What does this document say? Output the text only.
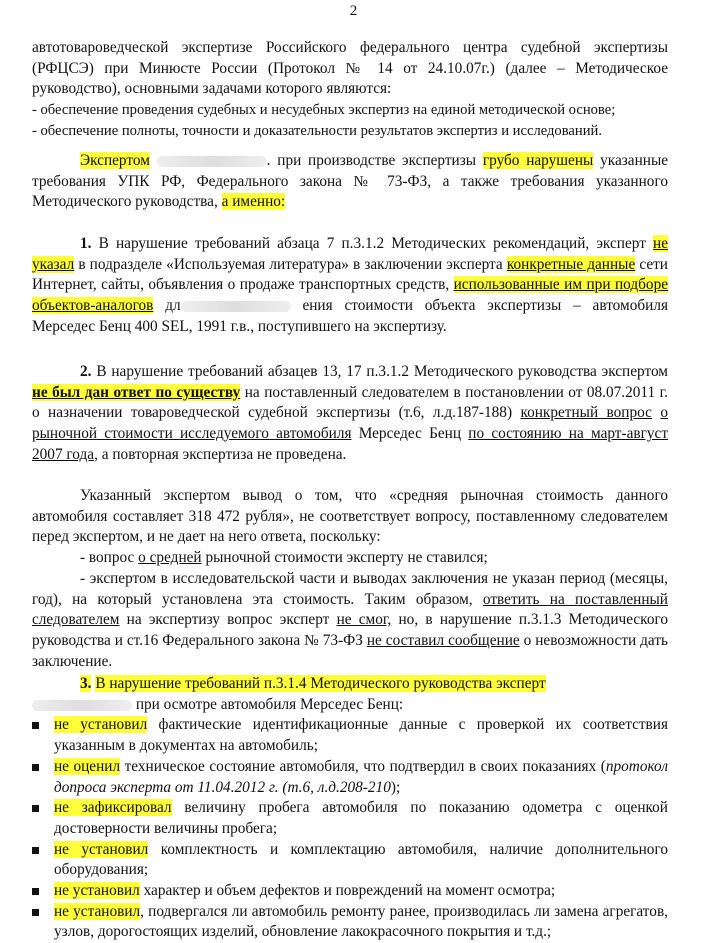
2

автотовароведческой экспертизе Российского федерального центра судебной экспертизы (РФЦСЭ) при Минюсте России (Протокол № 14 от 24.10.07г.) (далее – Методическое руководство), основными задачами которого являются:

- обеспечение проведения судебных и несудебных экспертиз на единой методической основе;

- обеспечение полноты, точности и доказательности результатов экспертиз и исследований.

Экспертом	. при производстве экспертизы грубо нарушены указанные требования УПК РФ, Федерального закона № 73-ФЗ, а также требования указанного Методического руководства, а именно:
1. В нарушение требований абзаца 7 п.3.1.2 Методических рекомендаций, эксперт не указал в подразделе «Используемая литература» в заключении эксперта конкретные данные сети Интернет, сайты, объявления о продаже транспортных средств, использованные им при подборе объектов-аналогов дл	ения стоимости объекта экспертизы – автомобиля Мерседес Бенц 400 SEL, 1991 г.в., поступившего на экспертизу.
2. В нарушение требований абзацев 13, 17 п.3.1.2 Методического руководства экспертом не был дан ответ по существу на поставленный следователем в постановлении от 08.07.2011 г. о назначении товароведческой судебной экспертизы (т.6, л.д.187-188) конкретный вопрос о рыночной стоимости исследуемого автомобиля Мерседес Бенц по состоянию на март-август 2007 года, а повторная экспертиза не проведена.

Указанный экспертом вывод о том, что «средняя рыночная стоимость данного автомобиля составляет 318 472 рубля», не соответствует вопросу, поставленному следователем перед экспертом, и не дает на него ответа, поскольку:

- вопрос о средней рыночной стоимости эксперту не ставился;

- экспертом в исследовательской части и выводах заключения не указан период (месяцы, год), на который установлена эта стоимость. Таким образом, ответить на поставленный следователем на экспертизу вопрос эксперт не смог, но, в нарушение п.3.1.3 Методического руководства и ст.16 Федерального закона № 73-ФЗ не составил сообщение о невозможности дать заключение.

3. В нарушение требований п.3.1.4 Методического руководства эксперт

при осмотре автомобиля Мерседес Бенц:

не установил фактические идентификационные данные с проверкой их соответствия указанным в документах на автомобиль;
не оценил техническое состояние автомобиля, что подтвердил в своих показаниях (протокол допроса эксперта от 11.04.2012 г. (т.6, л.д.208-210);
не зафиксировал величину пробега автомобиля по показанию одометра с оценкой достоверности величины пробега;
не установил комплектность и комплектацию автомобиля, наличие дополнительного оборудования;
не установил характер и объем дефектов и повреждений на момент осмотра;
не установил, подвергался ли автомобиль ремонту ранее, производилась ли замена агрегатов, узлов, дорогостоящих изделий, обновление лакокрасочного покрытия и т.д.;
